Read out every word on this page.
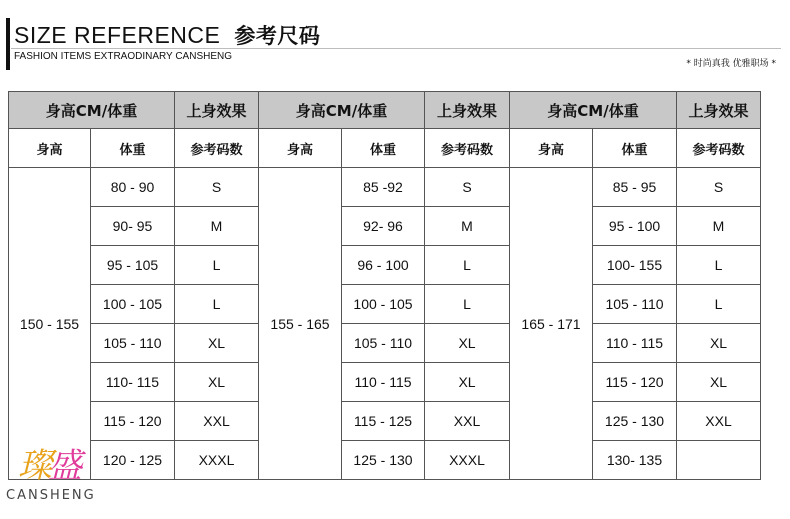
SIZE REFERENCE 参考尺码
FASHION ITEMS EXTRAODINARY CANSHENG
* 时尚真我 优雅职场 *
身高CM/体重		上身效果	身高CM/体重		上身效果	身高CM/体重		上身效果
身高	体重	参考码数	身高	体重	参考码数	身高	体重	参考码数
150 - 155	80 - 90	S	155 - 165	85 -92	S	165 - 171	85 - 95	S
	90- 95	M		92- 96	M		95 - 100	M
	95 - 105	L		96 - 100	L		100- 155	L
	100 - 105	L		100 - 105	L		105 - 110	L
	105 - 110	XL		105 - 110	XL		110 - 115	XL
	110- 115	XL		110 - 115	XL		115 - 120	XL
	115 - 120	XXL		115 - 125	XXL		125 - 130	XXL
	120 - 125	XXXL		125 - 130	XXXL		130- 135	
璨盛
CANSHENG
